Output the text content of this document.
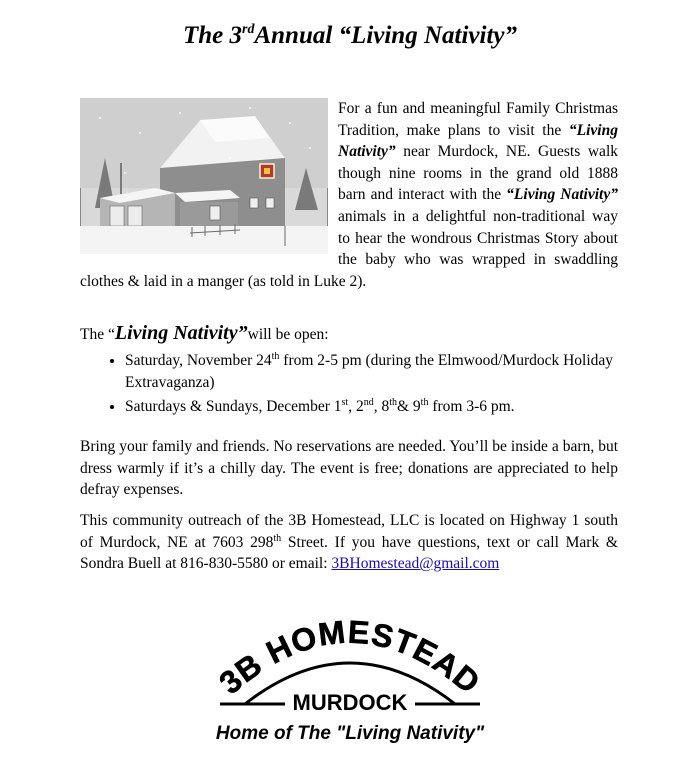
The 3rdAnnual “Living Nativity”
For a fun and meaningful Family Christmas Tradition, make plans to visit the “Living Nativity” near Murdock, NE. Guests walk though nine rooms in the grand old 1888 barn and interact with the “Living Nativity” animals in a delightful non-traditional way to hear the wondrous Christmas Story about the baby who was wrapped in swaddling clothes & laid in a manger (as told in Luke 2).
The “Living Nativity”will be open:
• Saturday, November 24th from 2-5 pm (during the Elmwood/Murdock Holiday Extravaganza)
• Saturdays & Sundays, December 1st, 2nd, 8th& 9th from 3-6 pm.
Bring your family and friends. No reservations are needed. You’ll be inside a barn, but dress warmly if it’s a chilly day. The event is free; donations are appreciated to help defray expenses.
This community outreach of the 3B Homestead, LLC is located on Highway 1 south of Murdock, NE at 7603 298th Street. If you have questions, text or call Mark & Sondra Buell at 816-830-5580 or email: 3BHomestead@gmail.com
3B HOMESTEAD
MURDOCK
Home of The "Living Nativity"
